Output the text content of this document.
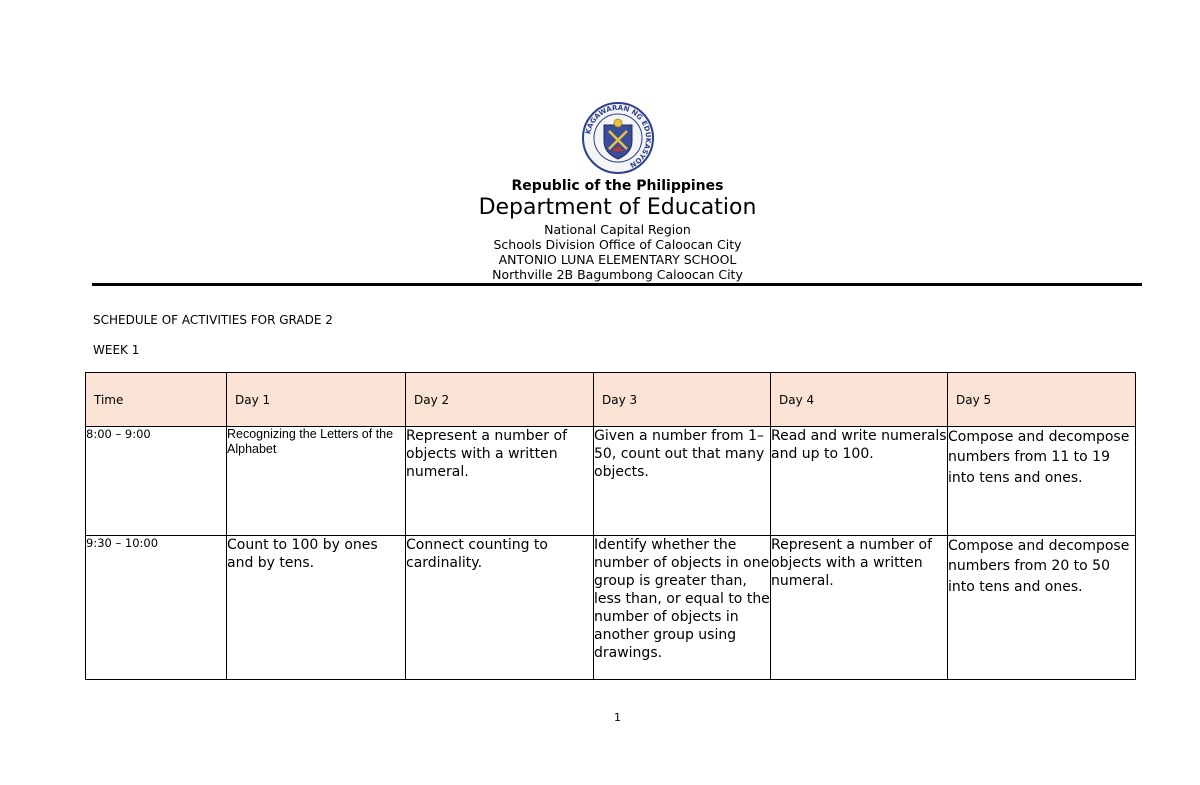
KAGAWARAN NG EDUKASYON
Republic of the Philippines
Department of Education
National Capital Region
Schools Division Office of Caloocan City
ANTONIO LUNA ELEMENTARY SCHOOL
Northville 2B Bagumbong Caloocan City
SCHEDULE OF ACTIVITIES FOR GRADE 2
WEEK 1
Time	Day 1	Day 2	Day 3	Day 4	Day 5
8:00 – 9:00	Recognizing the Letters of the Alphabet	Represent a number of objects with a written numeral.	Given a number from 1–50, count out that many objects.	Read and write numerals and up to 100.	Compose and decompose numbers from 11 to 19 into tens and ones.
9:30 – 10:00	Count to 100 by ones and by tens.	Connect counting to cardinality.	Identify whether the number of objects in one group is greater than, less than, or equal to the number of objects in another group using drawings.	Represent a number of objects with a written numeral.	Compose and decompose numbers from 20 to 50 into tens and ones.
1
